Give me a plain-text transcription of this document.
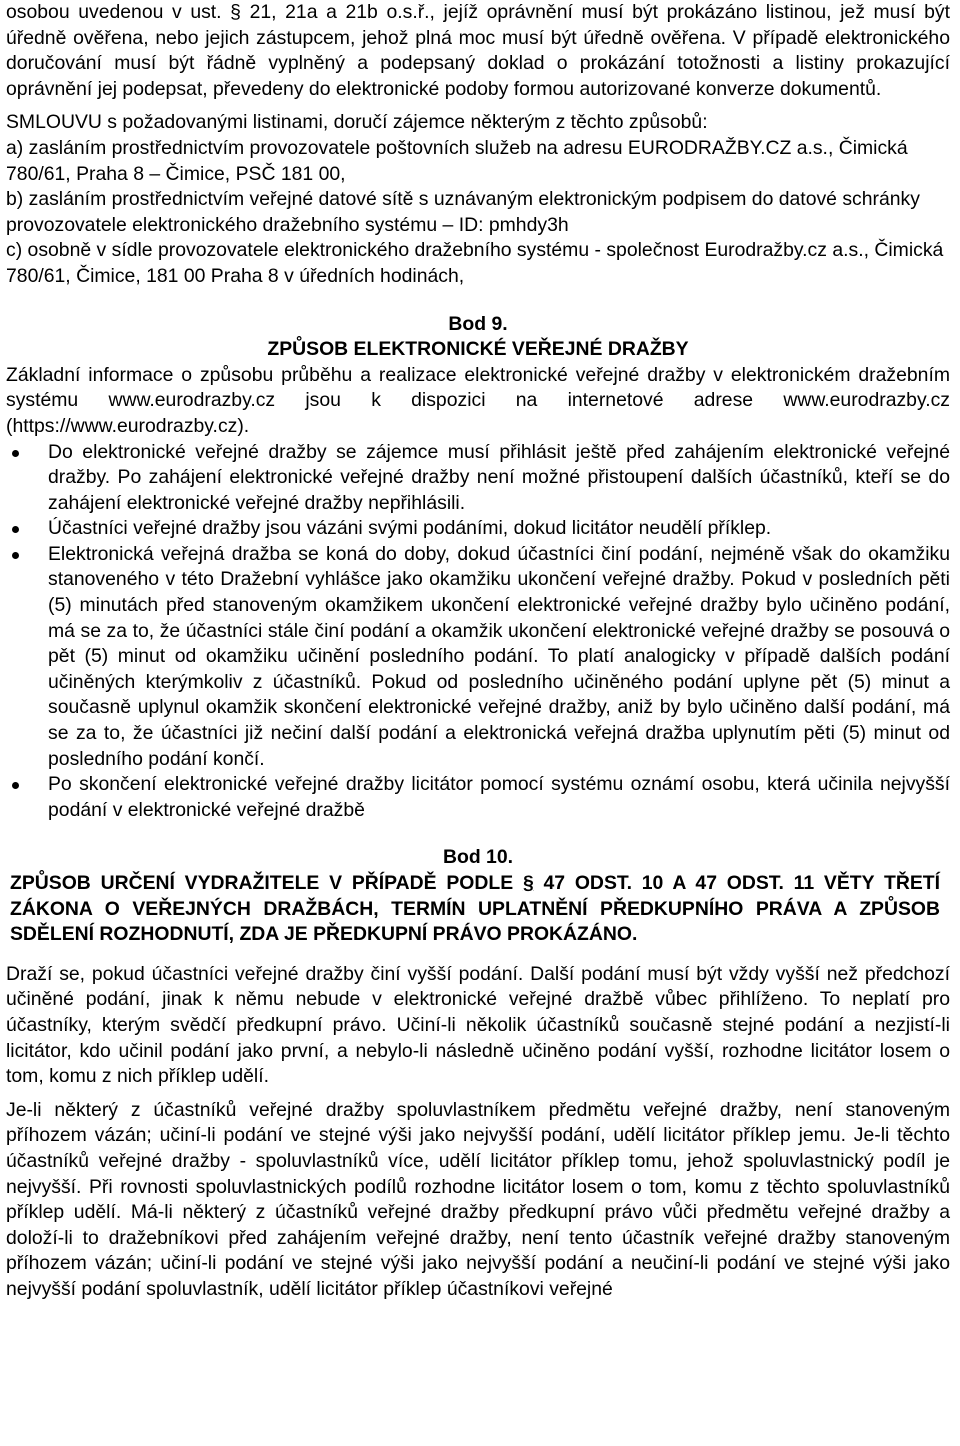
osobou uvedenou v ust. § 21, 21a a 21b o.s.ř., jejíž oprávnění musí být prokázáno listinou, jež musí být úředně ověřena, nebo jejich zástupcem, jehož plná moc musí být úředně ověřena. V případě elektronického doručování musí být řádně vyplněný a podepsaný doklad o prokázání totožnosti a listiny prokazující oprávnění jej podepsat, převedeny do elektronické podoby formou autorizované konverze dokumentů.

SMLOUVU s požadovanými listinami, doručí zájemce některým z těchto způsobů:

a) zasláním prostřednictvím provozovatele poštovních služeb na adresu EURODRAŽBY.CZ a.s., Čimická 780/61, Praha 8 – Čimice, PSČ 181 00,

b) zasláním prostřednictvím veřejné datové sítě s uznávaným elektronickým podpisem do datové schránky provozovatele elektronického dražebního systému – ID: pmhdy3h

c) osobně v sídle provozovatele elektronického dražebního systému - společnost Eurodražby.cz a.s., Čimická 780/61, Čimice, 181 00 Praha 8 v úředních hodinách,

Bod 9.
ZPŮSOB ELEKTRONICKÉ VEŘEJNÉ DRAŽBY

Základní informace o způsobu průběhu a realizace elektronické veřejné dražby v elektronickém dražebním systému www.eurodrazby.cz jsou k dispozici na internetové adrese www.eurodrazby.cz (https://www.eurodrazby.cz).

Do elektronické veřejné dražby se zájemce musí přihlásit ještě před zahájením elektronické veřejné dražby. Po zahájení elektronické veřejné dražby není možné přistoupení dalších účastníků, kteří se do zahájení elektronické veřejné dražby nepřihlásili.
Účastníci veřejné dražby jsou vázáni svými podáními, dokud licitátor neudělí příklep.
Elektronická veřejná dražba se koná do doby, dokud účastníci činí podání, nejméně však do okamžiku stanoveného v této Dražební vyhlášce jako okamžiku ukončení veřejné dražby. Pokud v posledních pěti (5) minutách před stanoveným okamžikem ukončení elektronické veřejné dražby bylo učiněno podání, má se za to, že účastníci stále činí podání a okamžik ukončení elektronické veřejné dražby se posouvá o pět (5) minut od okamžiku učinění posledního podání. To platí analogicky v případě dalších podání učiněných kterýmkoliv z účastníků. Pokud od posledního učiněného podání uplyne pět (5) minut a současně uplynul okamžik skončení elektronické veřejné dražby, aniž by bylo učiněno další podání, má se za to, že účastníci již nečiní další podání a elektronická veřejná dražba uplynutím pěti (5) minut od posledního podání končí.
Po skončení elektronické veřejné dražby licitátor pomocí systému oznámí osobu, která učinila nejvyšší podání v elektronické veřejné dražbě
Bod 10.
ZPŮSOB URČENÍ VYDRAŽITELE V PŘÍPADĚ PODLE § 47 ODST. 10 A 47 ODST. 11 VĚTY TŘETÍ ZÁKONA O VEŘEJNÝCH DRAŽBÁCH, TERMÍN UPLATNĚNÍ PŘEDKUPNÍHO PRÁVA A ZPŮSOB SDĚLENÍ ROZHODNUTÍ, ZDA JE PŘEDKUPNÍ PRÁVO PROKÁZÁNO.

Draží se, pokud účastníci veřejné dražby činí vyšší podání. Další podání musí být vždy vyšší než předchozí učiněné podání, jinak k němu nebude v elektronické veřejné dražbě vůbec přihlíženo. To neplatí pro účastníky, kterým svědčí předkupní právo. Učiní-li několik účastníků současně stejné podání a nezjistí-li licitátor, kdo učinil podání jako první, a nebylo-li následně učiněno podání vyšší, rozhodne licitátor losem o tom, komu z nich příklep udělí.

Je-li některý z účastníků veřejné dražby spoluvlastníkem předmětu veřejné dražby, není stanoveným příhozem vázán; učiní-li podání ve stejné výši jako nejvyšší podání, udělí licitátor příklep jemu. Je-li těchto účastníků veřejné dražby - spoluvlastníků více, udělí licitátor příklep tomu, jehož spoluvlastnický podíl je nejvyšší. Při rovnosti spoluvlastnických podílů rozhodne licitátor losem o tom, komu z těchto spoluvlastníků příklep udělí. Má-li některý z účastníků veřejné dražby předkupní právo vůči předmětu veřejné dražby a doloží-li to dražebníkovi před zahájením veřejné dražby, není tento účastník veřejné dražby stanoveným příhozem vázán; učiní-li podání ve stejné výši jako nejvyšší podání a neučiní-li podání ve stejné výši jako nejvyšší podání spoluvlastník, udělí licitátor příklep účastníkovi veřejné
